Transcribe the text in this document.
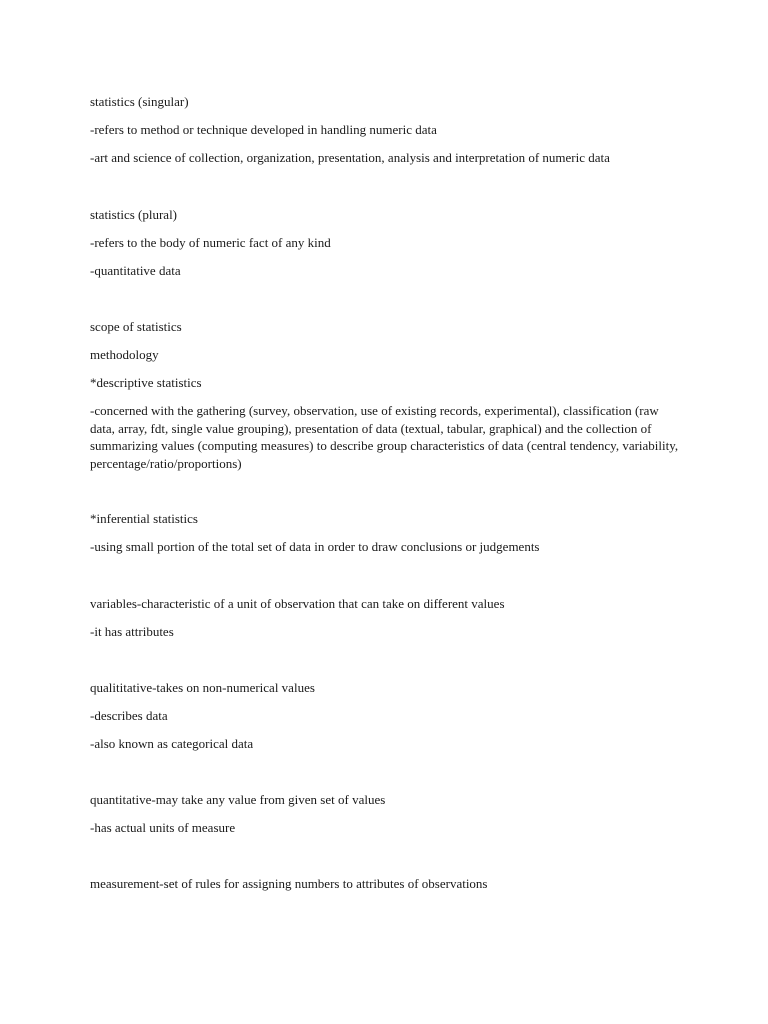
statistics (singular)
-refers to method or technique developed in handling numeric data
-art and science of collection, organization, presentation, analysis and interpretation of numeric data
statistics (plural)
-refers to the body of numeric fact of any kind
-quantitative data
scope of statistics
methodology
*descriptive statistics
-concerned with the gathering (survey, observation, use of existing records, experimental), classification (raw data, array, fdt, single value grouping), presentation of data (textual, tabular, graphical) and the collection of summarizing values (computing measures) to describe group characteristics of data (central tendency, variability, percentage/ratio/proportions)
*inferential statistics
-using small portion of the total set of data in order to draw conclusions or judgements
variables-characteristic of a unit of observation that can take on different values
-it has attributes
qualititative-takes on non-numerical values
-describes data
-also known as categorical data
quantitative-may take any value from given set of values
-has actual units of measure
measurement-set of rules for assigning numbers to attributes of observations
